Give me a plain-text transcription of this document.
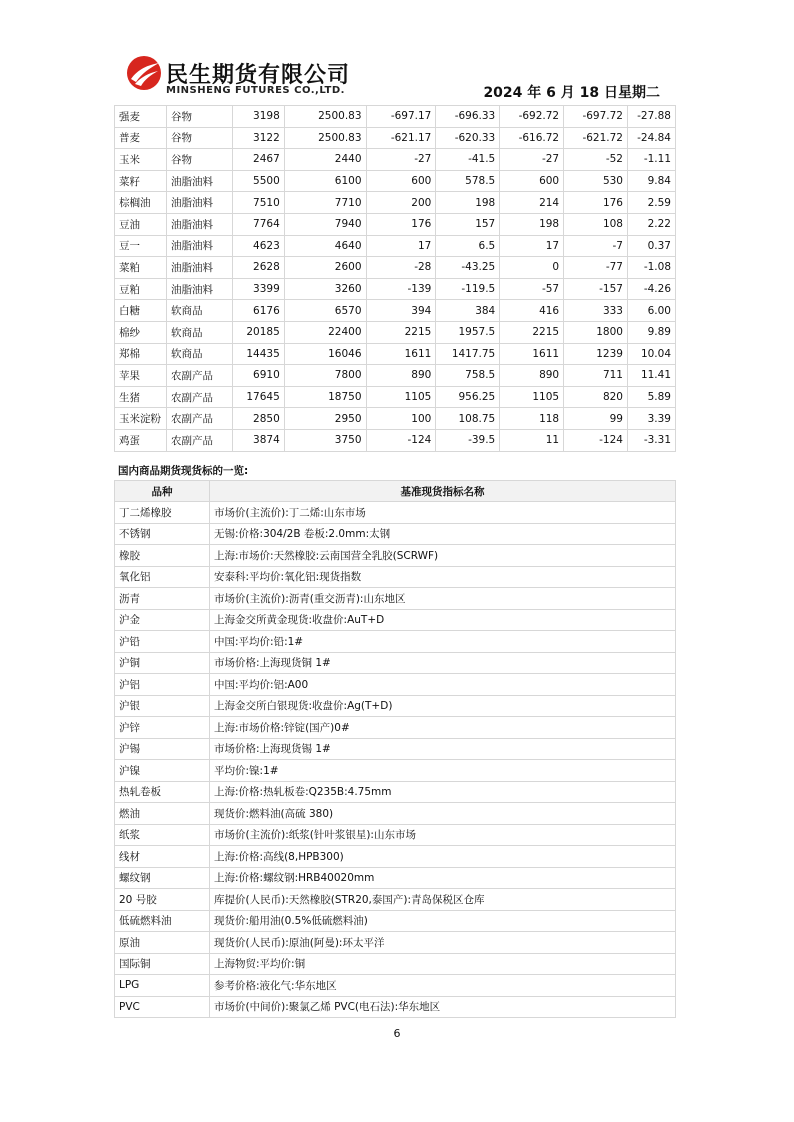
民生期货有限公司
MINSHENG FUTURES CO.,LTD.	2024 年 6 月 18 日星期二
强麦	谷物	3198	2500.83	-697.17	-696.33	-692.72	-697.72	-27.88
普麦	谷物	3122	2500.83	-621.17	-620.33	-616.72	-621.72	-24.84
玉米	谷物	2467	2440	-27	-41.5	-27	-52	-1.11
菜籽	油脂油料	5500	6100	600	578.5	600	530	9.84
棕榈油	油脂油料	7510	7710	200	198	214	176	2.59
豆油	油脂油料	7764	7940	176	157	198	108	2.22
豆一	油脂油料	4623	4640	17	6.5	17	-7	0.37
菜粕	油脂油料	2628	2600	-28	-43.25	0	-77	-1.08
豆粕	油脂油料	3399	3260	-139	-119.5	-57	-157	-4.26
白糖	软商品	6176	6570	394	384	416	333	6.00
棉纱	软商品	20185	22400	2215	1957.5	2215	1800	9.89
郑棉	软商品	14435	16046	1611	1417.75	1611	1239	10.04
苹果	农副产品	6910	7800	890	758.5	890	711	11.41
生猪	农副产品	17645	18750	1105	956.25	1105	820	5.89
玉米淀粉	农副产品	2850	2950	100	108.75	118	99	3.39
鸡蛋	农副产品	3874	3750	-124	-39.5	11	-124	-3.31
国内商品期货现货标的一览:
品种	基准现货指标名称
丁二烯橡胶	市场价(主流价):丁二烯:山东市场
不锈钢	无锡:价格:304/2B 卷板:2.0mm:太钢
橡胶	上海:市场价:天然橡胶:云南国营全乳胶(SCRWF)
氧化铝	安泰科:平均价:氧化铝:现货指数
沥青	市场价(主流价):沥青(重交沥青):山东地区
沪金	上海金交所黄金现货:收盘价:AuT+D
沪铅	中国:平均价:铅:1#
沪铜	市场价格:上海现货铜 1#
沪铝	中国:平均价:铝:A00
沪银	上海金交所白银现货:收盘价:Ag(T+D)
沪锌	上海:市场价格:锌锭(国产)0#
沪锡	市场价格:上海现货锡 1#
沪镍	平均价:镍:1#
热轧卷板	上海:价格:热轧板卷:Q235B:4.75mm
燃油	现货价:燃料油(高硫 380)
纸浆	市场价(主流价):纸浆(针叶浆银星):山东市场
线材	上海:价格:高线(8,HPB300)
螺纹钢	上海:价格:螺纹钢:HRB40020mm
20 号胶	库提价(人民币):天然橡胶(STR20,泰国产):青岛保税区仓库
低硫燃料油	现货价:船用油(0.5%低硫燃料油)
原油	现货价(人民币):原油(阿曼):环太平洋
国际铜	上海物贸:平均价:铜
LPG	参考价格:液化气:华东地区
PVC	市场价(中间价):聚氯乙烯 PVC(电石法):华东地区
6
